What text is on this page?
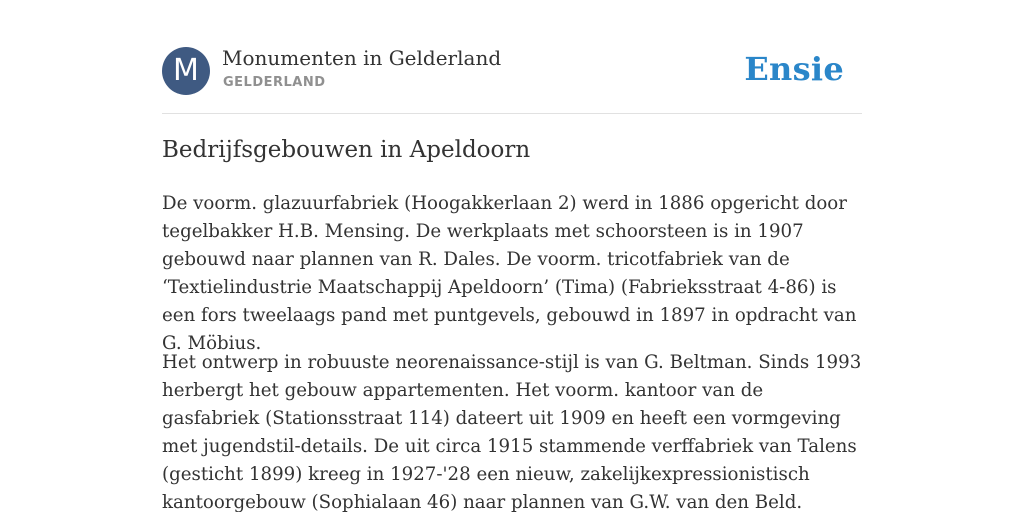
M	Monumenten in Gelderland
GELDERLAND	Ensie
Bedrijfsgebouwen in Apeldoorn

De voorm. glazuurfabriek (Hoogakkerlaan 2) werd in 1886 opgericht door tegelbakker H.B. Mensing. De werkplaats met schoorsteen is in 1907 gebouwd naar plannen van R. Dales. De voorm. tricotfabriek van de ‘Textielindustrie Maatschappij Apeldoorn’ (Tima) (Fabrieksstraat 4-86) is een fors tweelaags pand met puntgevels, gebouwd in 1897 in opdracht van G. Möbius.

Het ontwerp in robuuste neorenaissance-stijl is van G. Beltman. Sinds 1993 herbergt het gebouw appartementen. Het voorm. kantoor van de gasfabriek (Stationsstraat 114) dateert uit 1909 en heeft een vormgeving met jugendstil-details. De uit circa 1915 stammende verffabriek van Talens (gesticht 1899) kreeg in 1927-'28 een nieuw, zakelijkexpressionistisch kantoorgebouw (Sophialaan 46) naar plannen van G.W. van den Beld.
